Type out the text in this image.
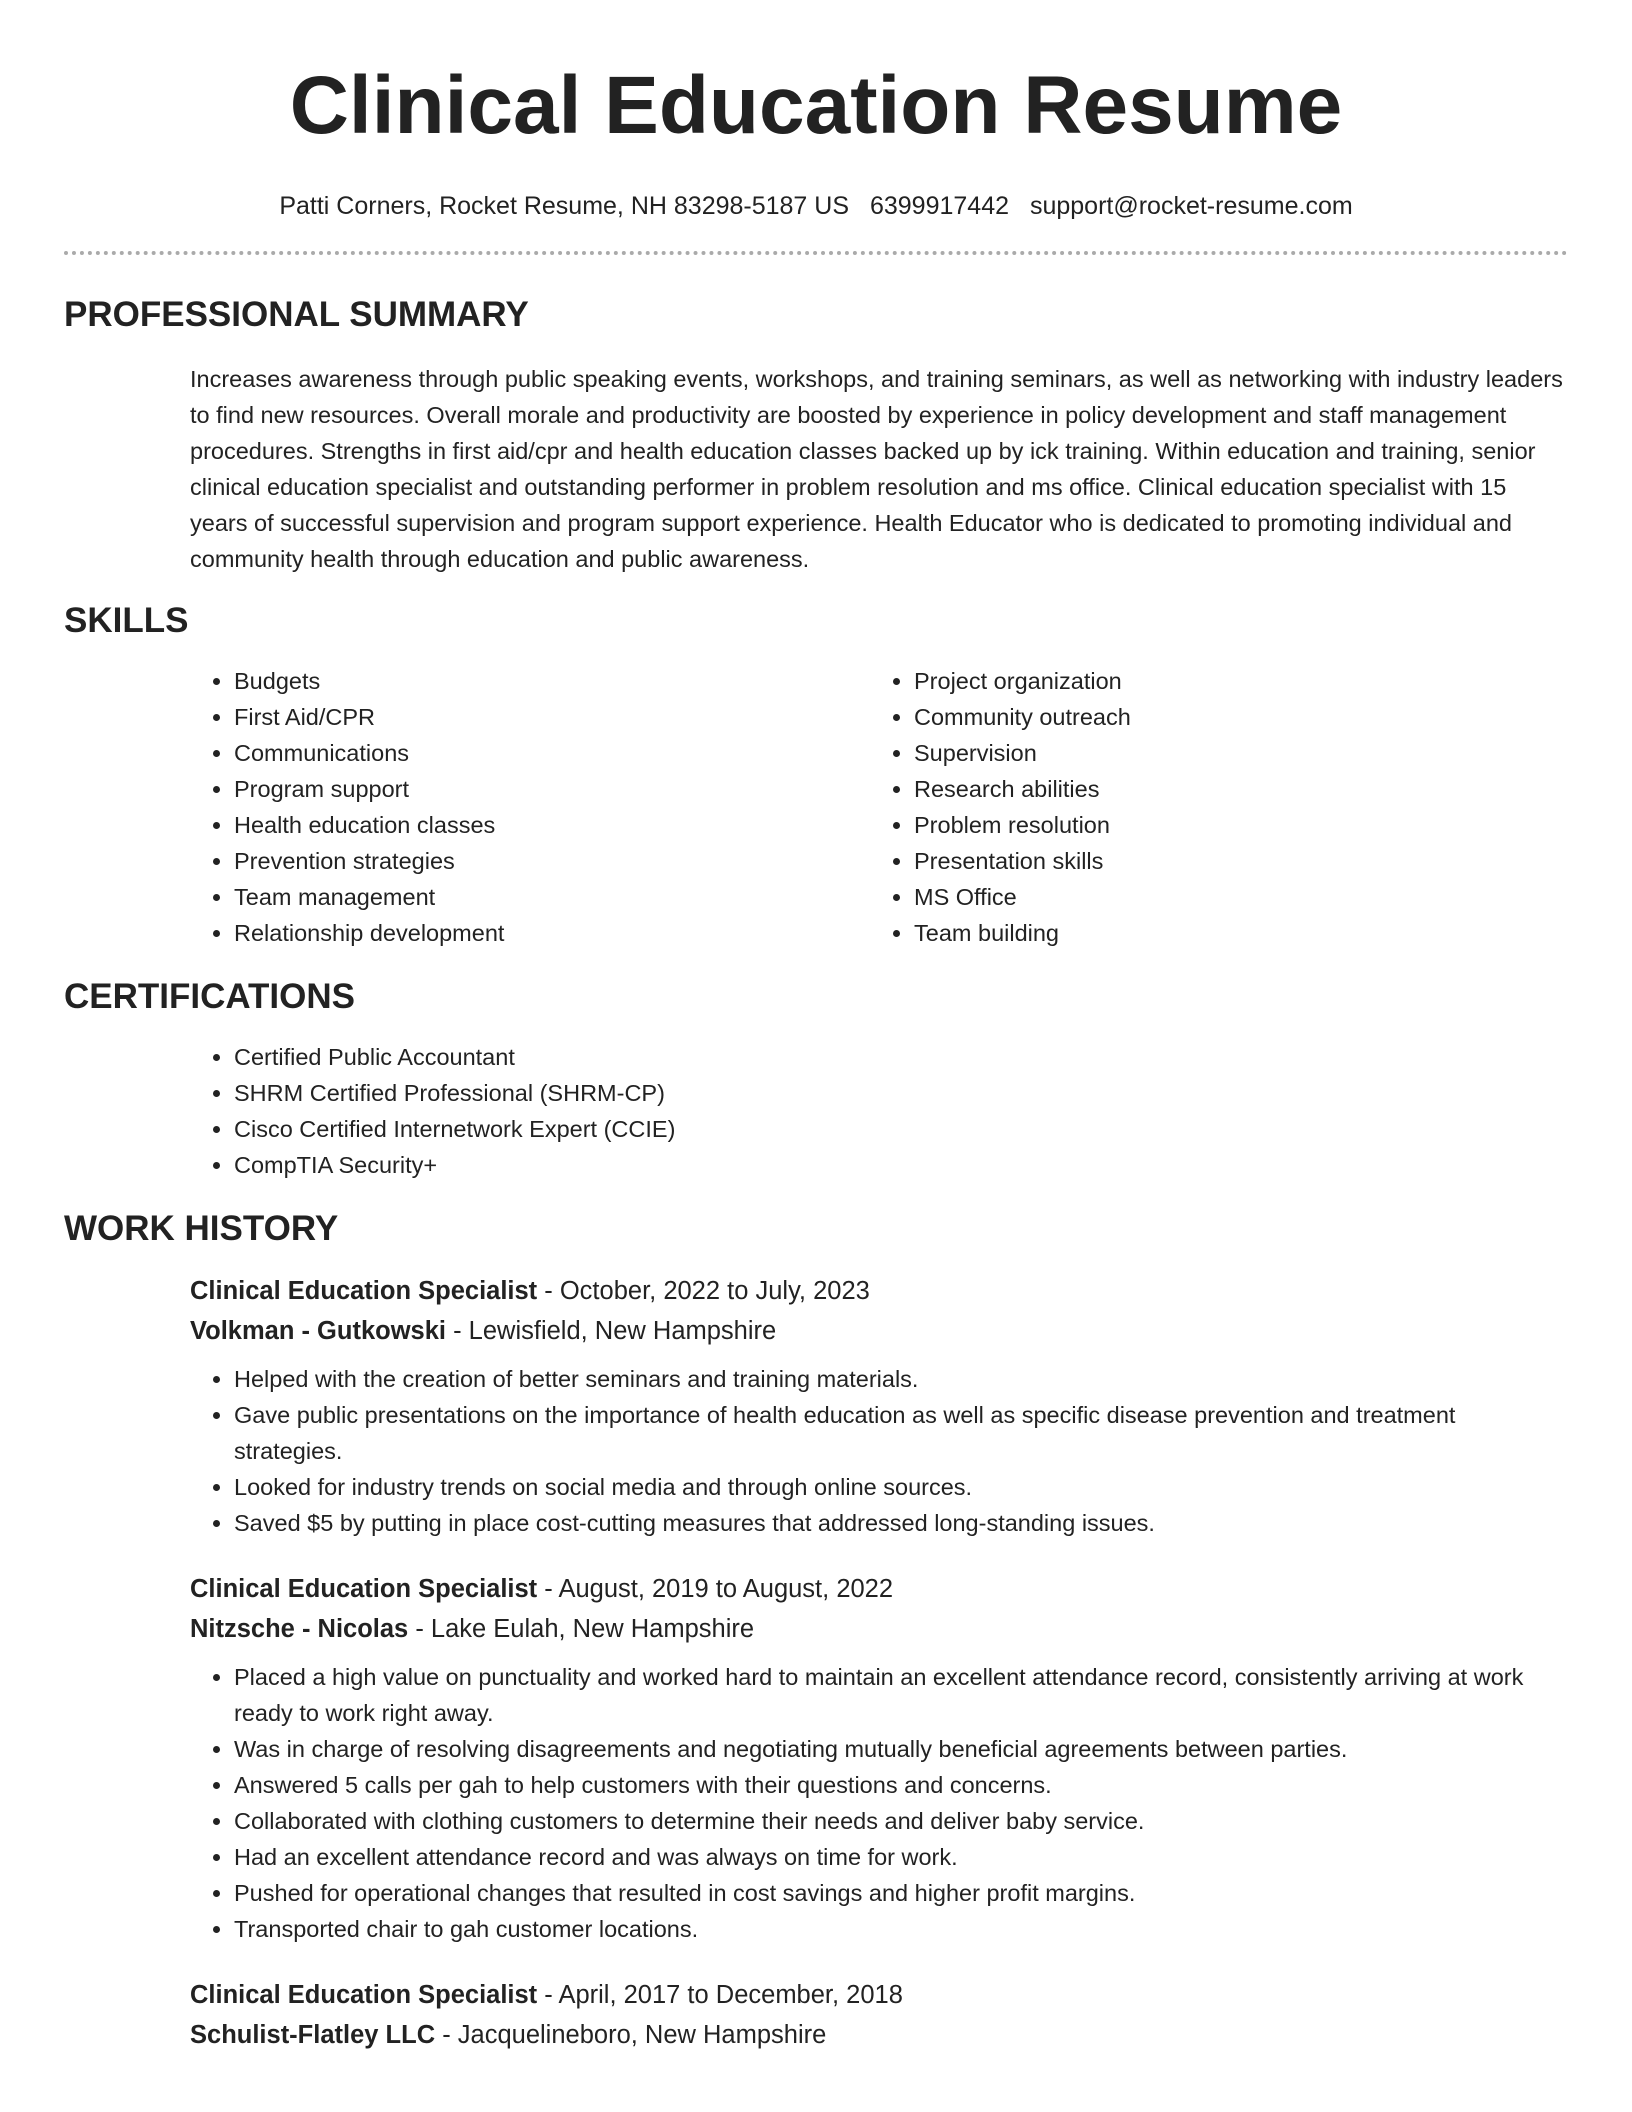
Clinical Education Resume
Patti Corners, Rocket Resume, NH 83298-5187 US 6399917442 support@rocket-resume.com
PROFESSIONAL SUMMARY

Increases awareness through public speaking events, workshops, and training seminars, as well as networking with industry leaders to find new resources. Overall morale and productivity are boosted by experience in policy development and staff management procedures. Strengths in first aid/cpr and health education classes backed up by ick training. Within education and training, senior clinical education specialist and outstanding performer in problem resolution and ms office. Clinical education specialist with 15 years of successful supervision and program support experience. Health Educator who is dedicated to promoting individual and community health through education and public awareness.

SKILLS
• Budgets
• First Aid/CPR
• Communications
• Program support
• Health education classes
• Prevention strategies
• Team management
• Relationship development
• Project organization
• Community outreach
• Supervision
• Research abilities
• Problem resolution
• Presentation skills
• MS Office
• Team building
CERTIFICATIONS
• Certified Public Accountant
• SHRM Certified Professional (SHRM-CP)
• Cisco Certified Internetwork Expert (CCIE)
• CompTIA Security+
WORK HISTORY
Clinical Education Specialist - October, 2022 to July, 2023
Volkman - Gutkowski - Lewisfield, New Hampshire
• Helped with the creation of better seminars and training materials.
• Gave public presentations on the importance of health education as well as specific disease prevention and treatment strategies.
• Looked for industry trends on social media and through online sources.
• Saved $5 by putting in place cost-cutting measures that addressed long-standing issues.
Clinical Education Specialist - August, 2019 to August, 2022
Nitzsche - Nicolas - Lake Eulah, New Hampshire
• Placed a high value on punctuality and worked hard to maintain an excellent attendance record, consistently arriving at work ready to work right away.
• Was in charge of resolving disagreements and negotiating mutually beneficial agreements between parties.
• Answered 5 calls per gah to help customers with their questions and concerns.
• Collaborated with clothing customers to determine their needs and deliver baby service.
• Had an excellent attendance record and was always on time for work.
• Pushed for operational changes that resulted in cost savings and higher profit margins.
• Transported chair to gah customer locations.
Clinical Education Specialist - April, 2017 to December, 2018
Schulist-Flatley LLC - Jacquelineboro, New Hampshire
